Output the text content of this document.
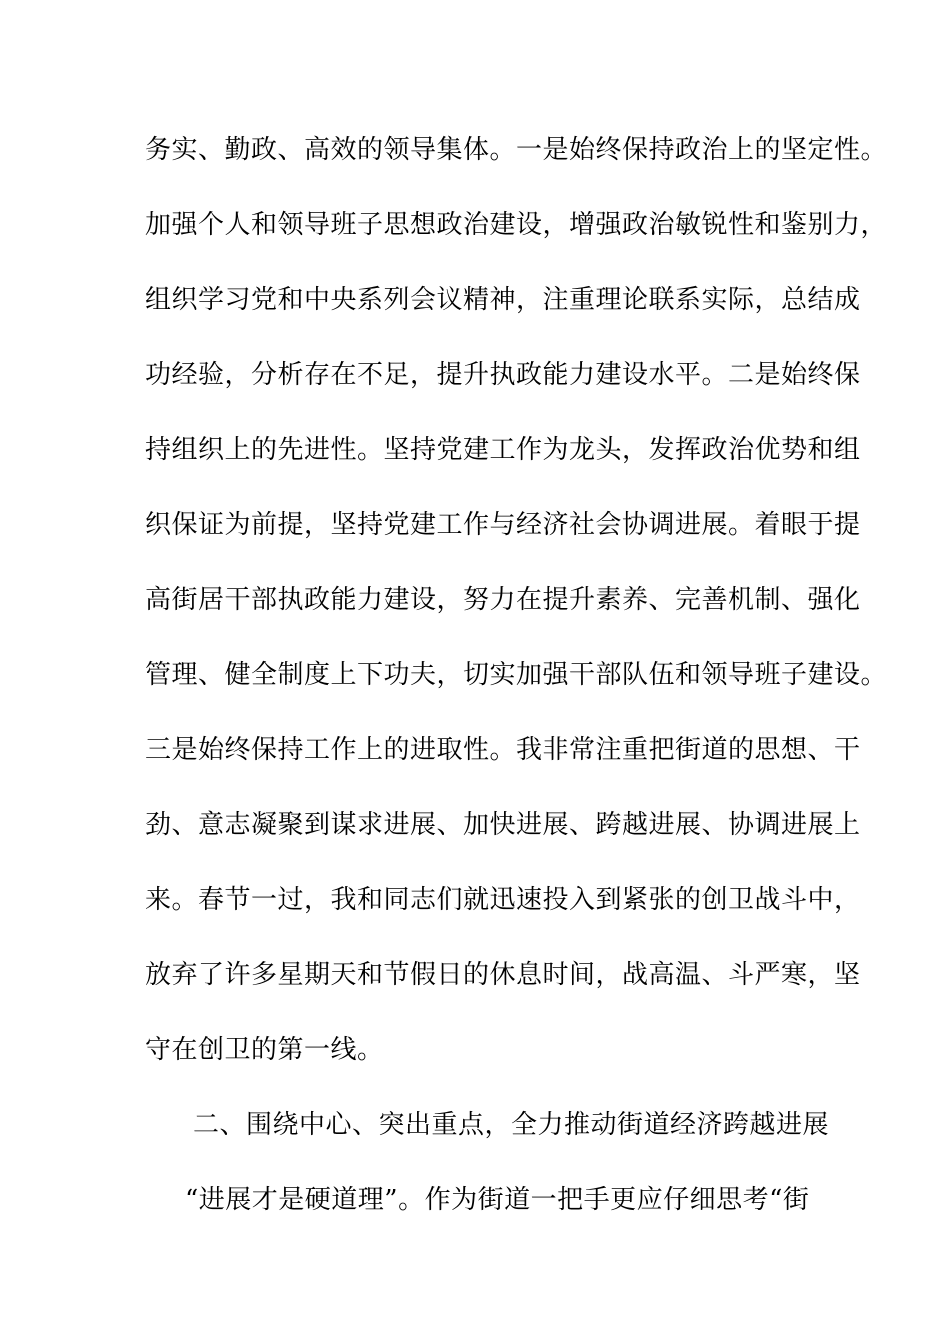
务实、勤政、高效的领导集体。一是始终保持政治上的坚定性。
加强个人和领导班子思想政治建设，增强政治敏锐性和鉴别力，
组织学习党和中央系列会议精神，注重理论联系实际，总结成
功经验，分析存在不足，提升执政能力建设水平。二是始终保
持组织上的先进性。坚持党建工作为龙头，发挥政治优势和组
织保证为前提，坚持党建工作与经济社会协调进展。着眼于提
高街居干部执政能力建设，努力在提升素养、完善机制、强化
管理、健全制度上下功夫，切实加强干部队伍和领导班子建设。
三是始终保持工作上的进取性。我非常注重把街道的思想、干
劲、意志凝聚到谋求进展、加快进展、跨越进展、协调进展上
来。春节一过，我和同志们就迅速投入到紧张的创卫战斗中，
放弃了许多星期天和节假日的休息时间，战高温、斗严寒，坚
守在创卫的第一线。
二、围绕中心、突出重点，全力推动街道经济跨越进展
“进展才是硬道理”。作为街道一把手更应仔细思考“街
